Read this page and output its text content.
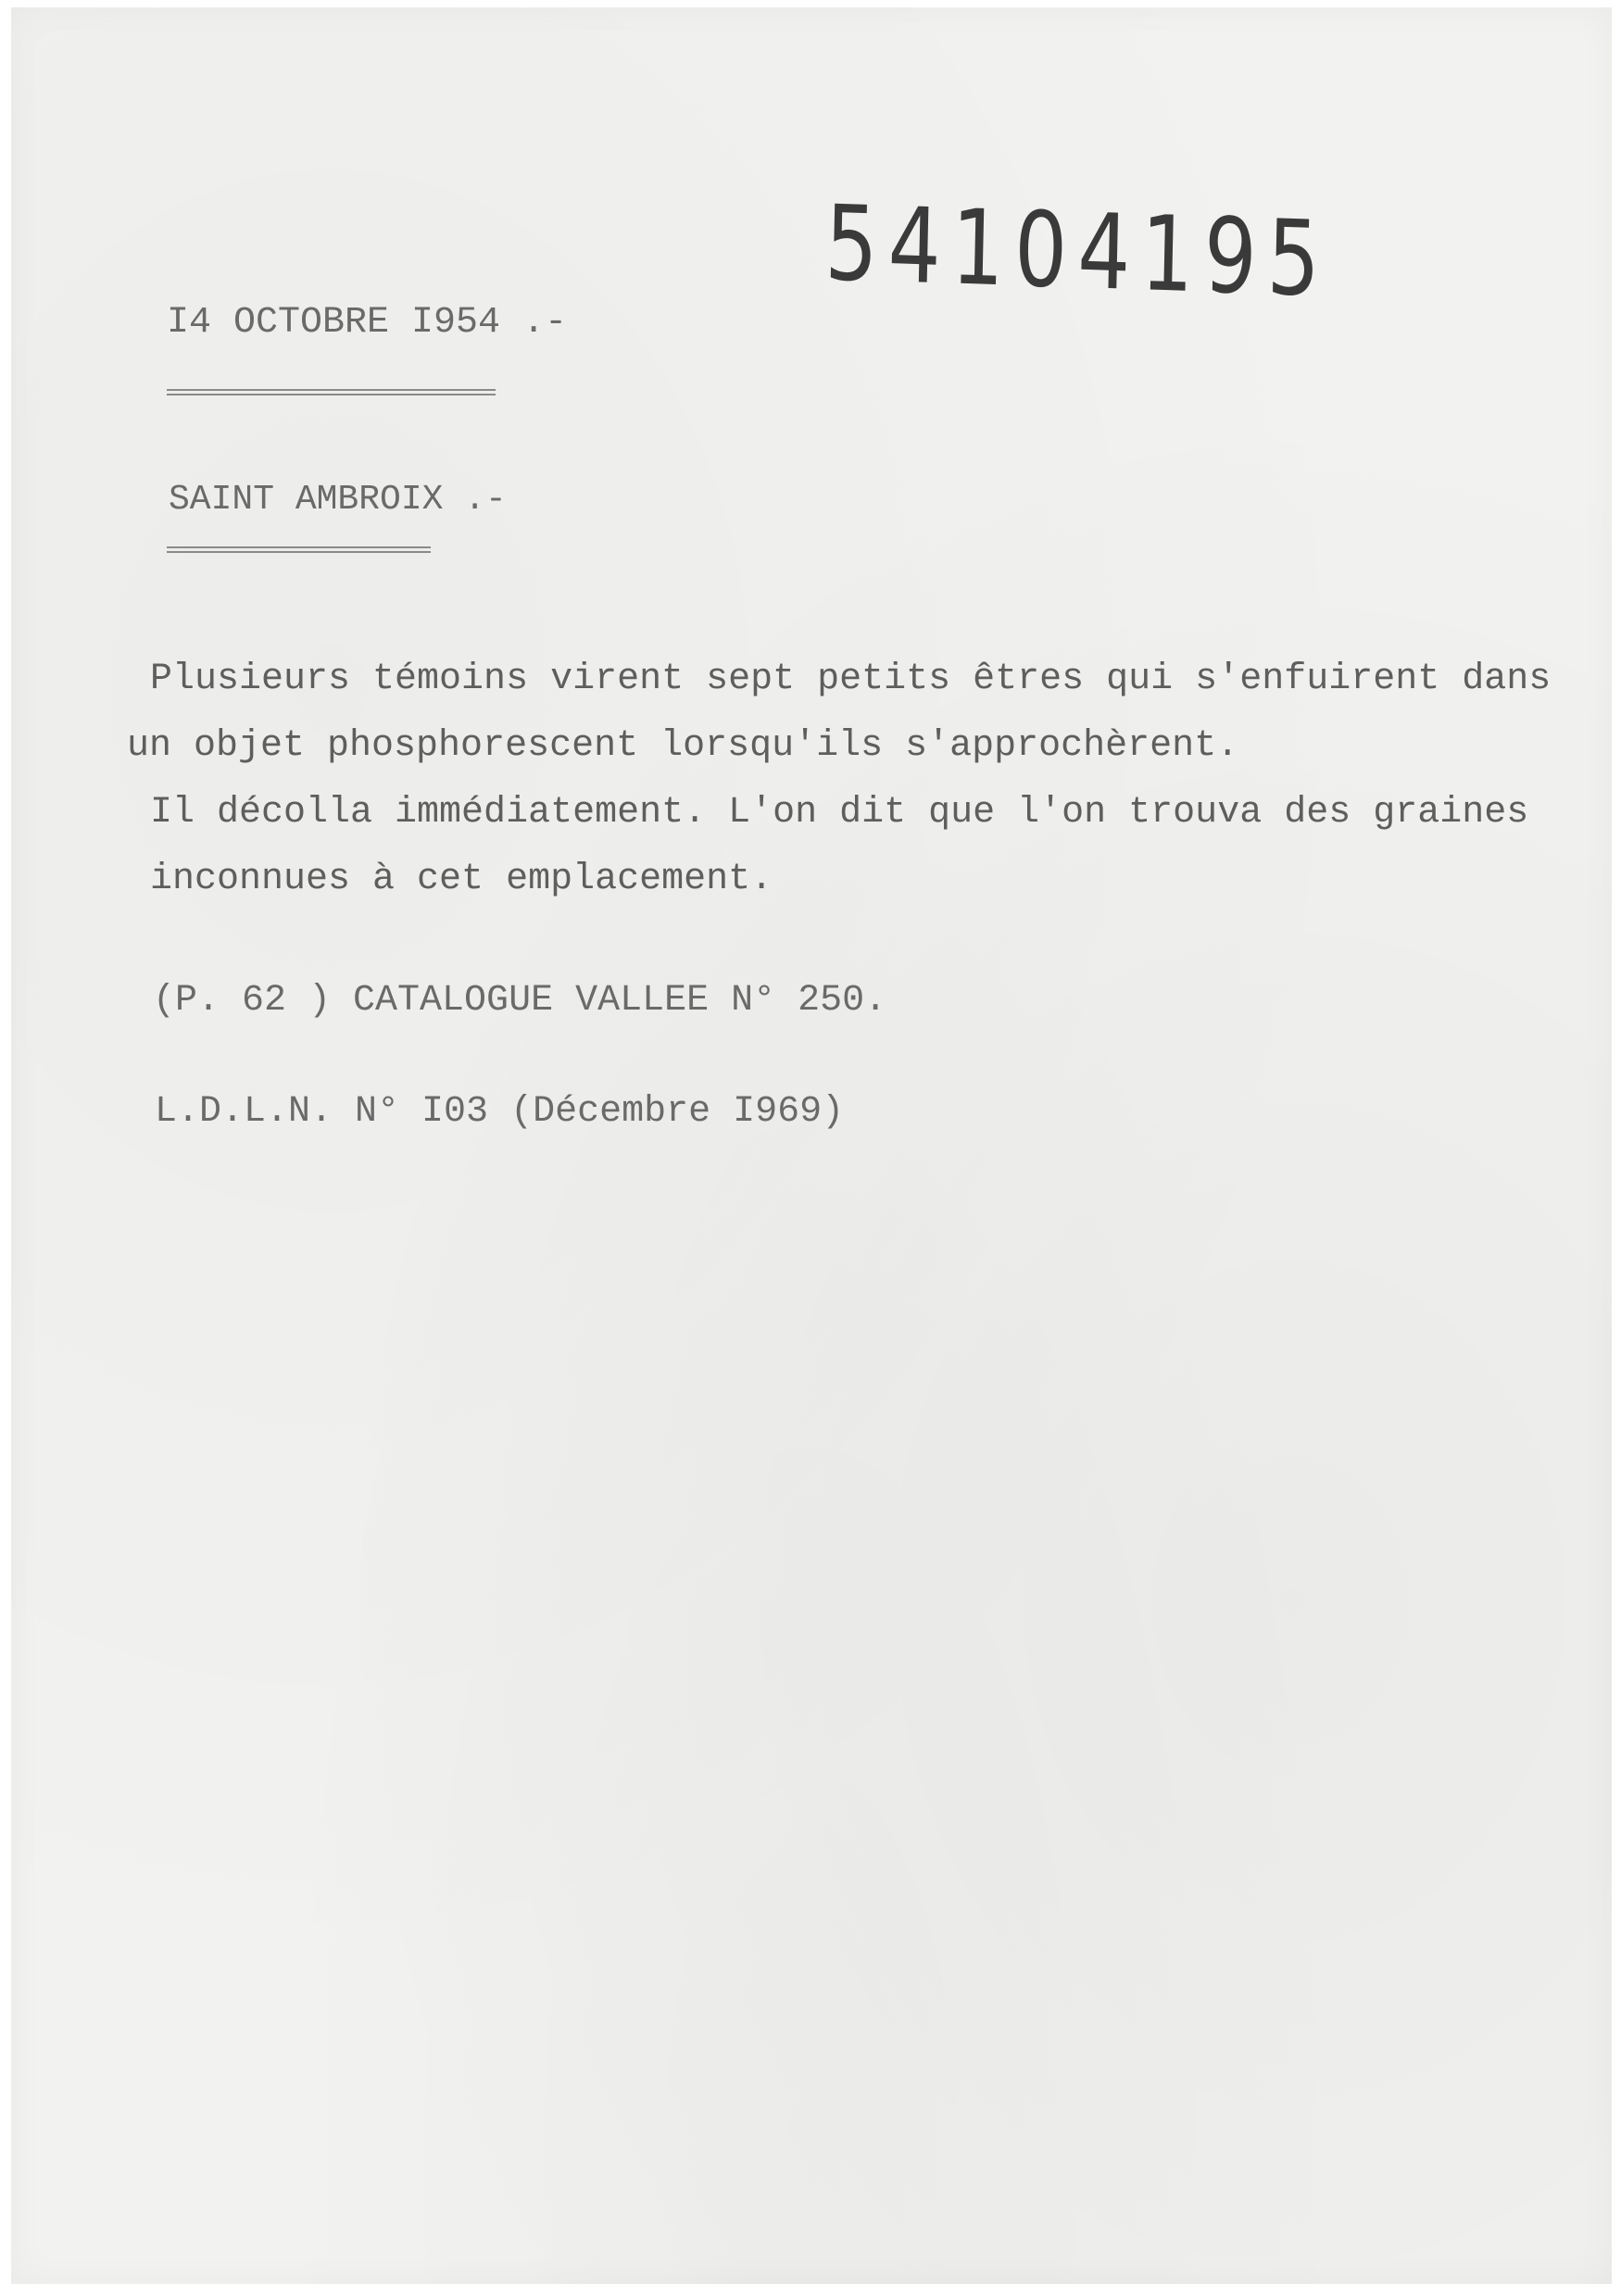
54104195
I4 OCTOBRE I954 .-
SAINT AMBROIX .-
Plusieurs témoins virent sept petits êtres qui s'enfuirent dans
un objet phosphorescent lorsqu'ils s'approchèrent.
Il décolla immédiatement. L'on dit que l'on trouva des graines
inconnues à cet emplacement.
(P. 62 ) CATALOGUE VALLEE N° 250.
L.D.L.N. N° I03 (Décembre I969)
